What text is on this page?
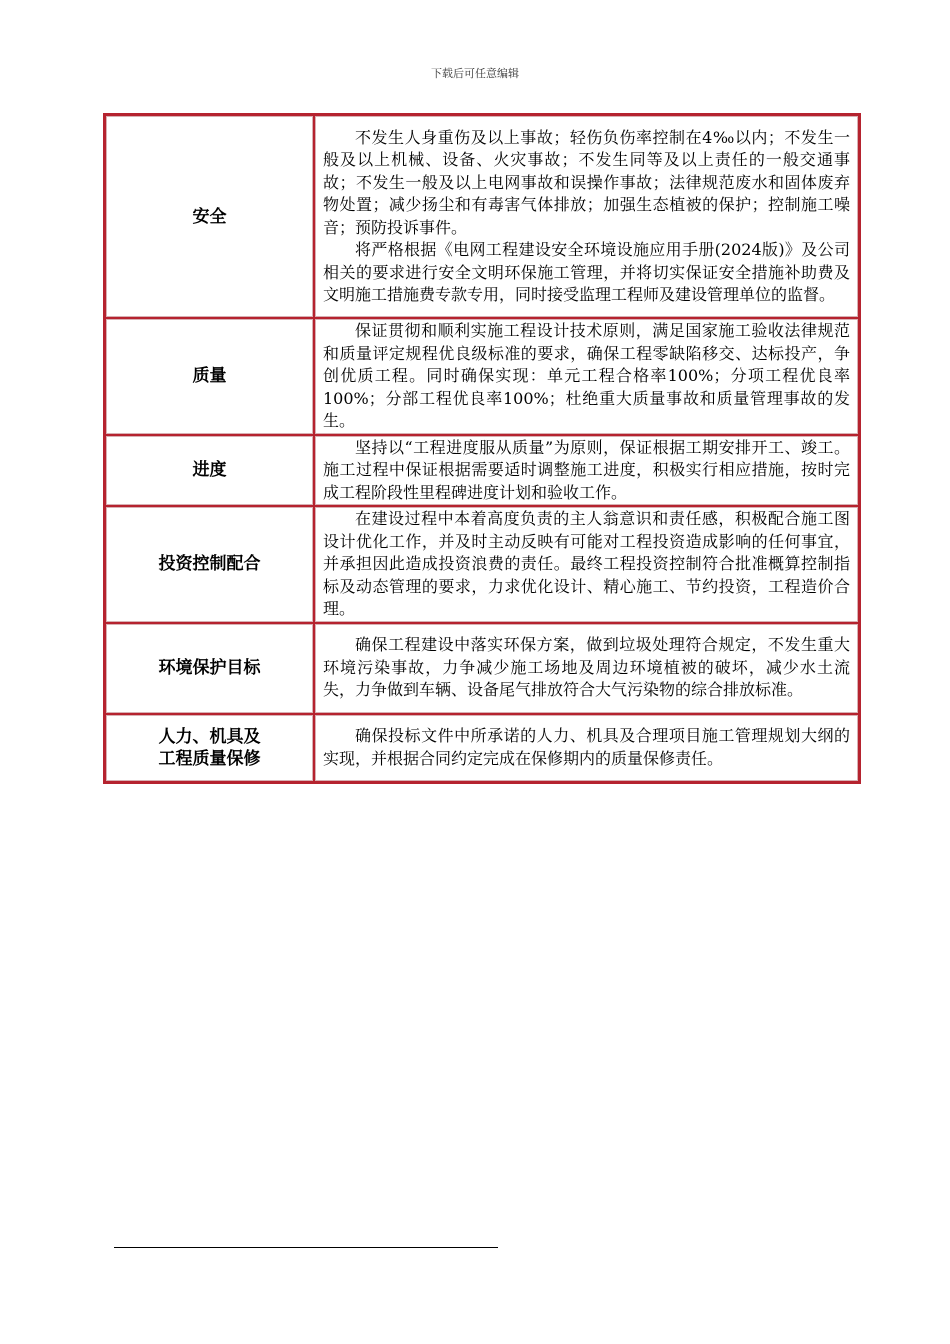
下载后可任意编辑
安全	不发生人身重伤及以上事故；轻伤负伤率控制在4‰以内；不发生一般及以上机械、设备、火灾事故；不发生同等及以上责任的一般交通事故；不发生一般及以上电网事故和误操作事故；法律规范废水和固体废弃物处置；减少扬尘和有毒害气体排放；加强生态植被的保护；控制施工噪音；预防投诉事件。

将严格根据《电网工程建设安全环境设施应用手册(2024版)》及公司相关的要求进行安全文明环保施工管理，并将切实保证安全措施补助费及文明施工措施费专款专用，同时接受监理工程师及建设管理单位的监督。

质量	保证贯彻和顺利实施工程设计技术原则，满足国家施工验收法律规范和质量评定规程优良级标准的要求，确保工程零缺陷移交、达标投产，争创优质工程。同时确保实现：单元工程合格率100%；分项工程优良率100%；分部工程优良率100%；杜绝重大质量事故和质量管理事故的发生。

进度	坚持以“工程进度服从质量”为原则，保证根据工期安排开工、竣工。施工过程中保证根据需要适时调整施工进度，积极实行相应措施，按时完成工程阶段性里程碑进度计划和验收工作。

投资控制配合	在建设过程中本着高度负责的主人翁意识和责任感，积极配合施工图设计优化工作，并及时主动反映有可能对工程投资造成影响的任何事宜，并承担因此造成投资浪费的责任。最终工程投资控制符合批准概算控制指标及动态管理的要求，力求优化设计、精心施工、节约投资，工程造价合理。

环境保护目标	确保工程建设中落实环保方案，做到垃圾处理符合规定，不发生重大环境污染事故，力争减少施工场地及周边环境植被的破坏，减少水土流失，力争做到车辆、设备尾气排放符合大气污染物的综合排放标准。

人力、机具及
工程质量保修	确保投标文件中所承诺的人力、机具及合理项目施工管理规划大纲的实现，并根据合同约定完成在保修期内的质量保修责任。
